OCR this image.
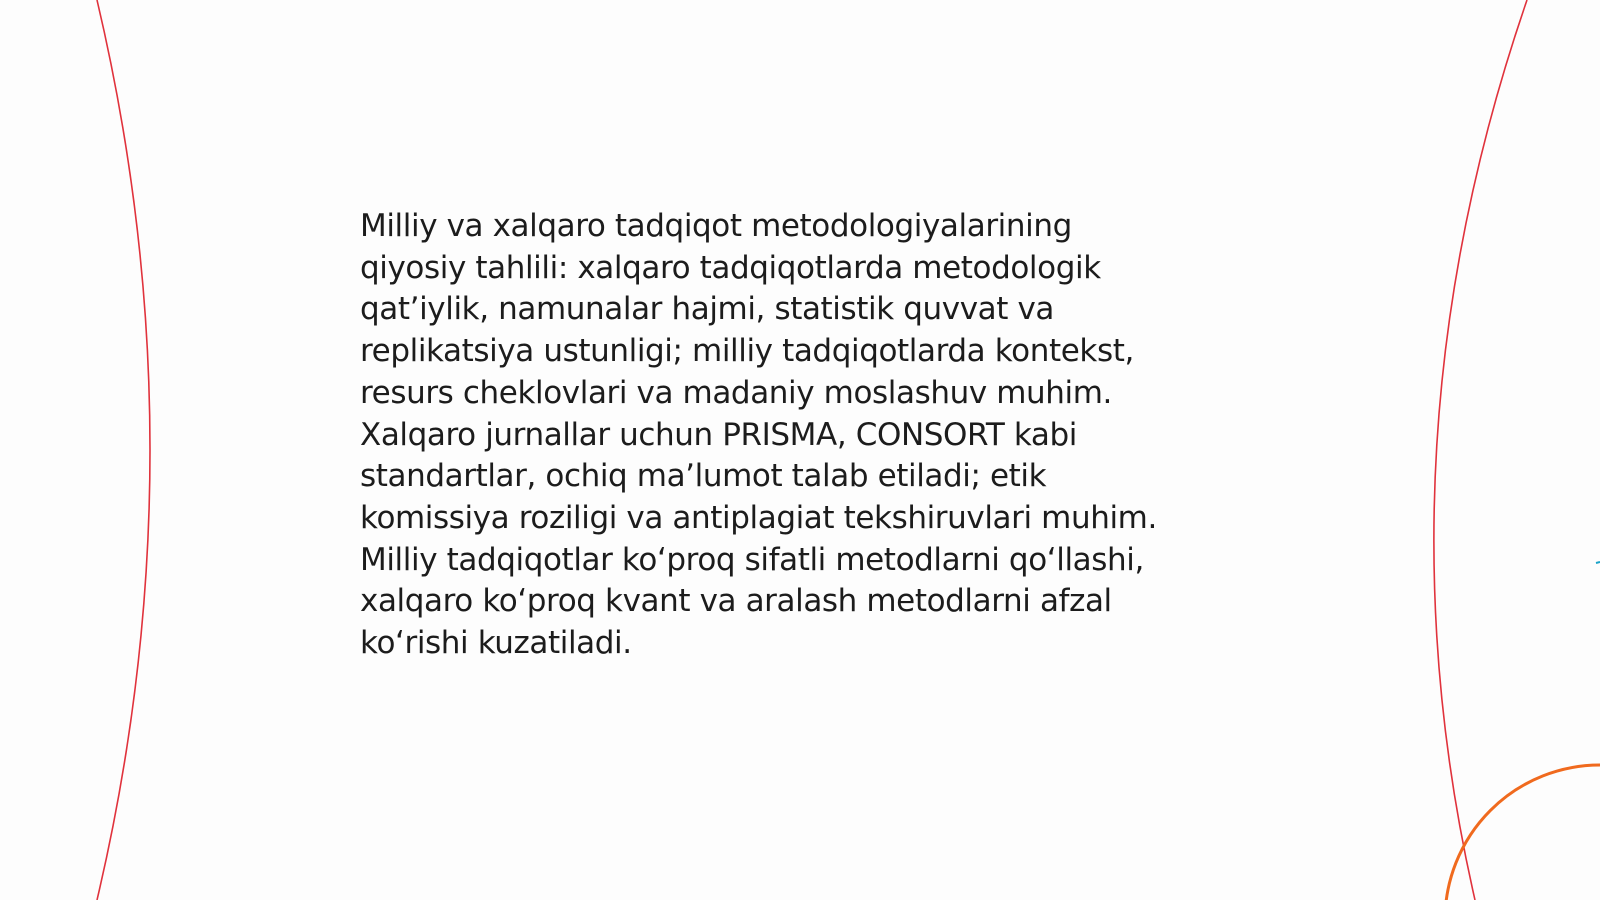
Milliy va xalqaro tadqiqot metodologiyalarining
qiyosiy tahlili: xalqaro tadqiqotlarda metodologik
qat’iylik, namunalar hajmi, statistik quvvat va
replikatsiya ustunligi; milliy tadqiqotlarda kontekst,
resurs cheklovlari va madaniy moslashuv muhim.
Xalqaro jurnallar uchun PRISMA, CONSORT kabi
standartlar, ochiq ma’lumot talab etiladi; etik
komissiya roziligi va antiplagiat tekshiruvlari muhim.
Milliy tadqiqotlar ko‘proq sifatli metodlarni qo‘llashi,
xalqaro ko‘proq kvant va aralash metodlarni afzal
ko‘rishi kuzatiladi.
